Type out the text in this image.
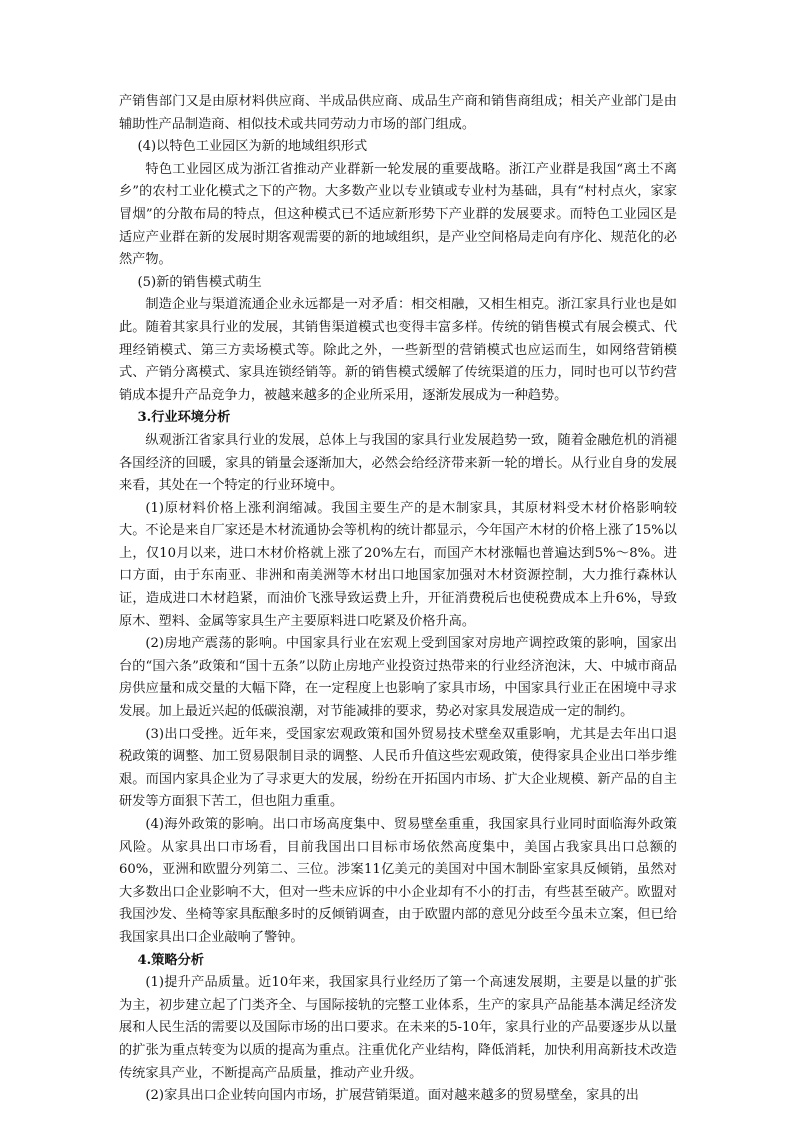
产销售部门又是由原材料供应商、半成品供应商、成品生产商和销售商组成；相关产业部门是由辅助性产品制造商、相似技术或共同劳动力市场的部门组成。

(4)以特色工业园区为新的地域组织形式

特色工业园区成为浙江省推动产业群新一轮发展的重要战略。浙江产业群是我国“离土不离乡”的农村工业化模式之下的产物。大多数产业以专业镇或专业村为基础，具有“村村点火，家家冒烟”的分散布局的特点，但这种模式已不适应新形势下产业群的发展要求。而特色工业园区是适应产业群在新的发展时期客观需要的新的地域组织，是产业空间格局走向有序化、规范化的必然产物。

(5)新的销售模式萌生

制造企业与渠道流通企业永远都是一对矛盾：相交相融，又相生相克。浙江家具行业也是如此。随着其家具行业的发展，其销售渠道模式也变得丰富多样。传统的销售模式有展会模式、代理经销模式、第三方卖场模式等。除此之外，一些新型的营销模式也应运而生，如网络营销模式、产销分离模式、家具连锁经销等。新的销售模式缓解了传统渠道的压力，同时也可以节约营销成本提升产品竞争力，被越来越多的企业所采用，逐渐发展成为一种趋势。

3.行业环境分析

纵观浙江省家具行业的发展，总体上与我国的家具行业发展趋势一致，随着金融危机的消褪各国经济的回暖，家具的销量会逐渐加大，必然会给经济带来新一轮的增长。从行业自身的发展来看，其处在一个特定的行业环境中。

(1)原材料价格上涨利润缩减。我国主要生产的是木制家具，其原材料受木材价格影响较大。不论是来自厂家还是木材流通协会等机构的统计都显示，今年国产木材的价格上涨了15%以上，仅10月以来，进口木材价格就上涨了20%左右，而国产木材涨幅也普遍达到5%～8%。进口方面，由于东南亚、非洲和南美洲等木材出口地国家加强对木材资源控制，大力推行森林认证，造成进口木材趋紧，而油价飞涨导致运费上升，开征消费税后也使税费成本上升6%，导致原木、塑料、金属等家具生产主要原料进口吃紧及价格升高。

(2)房地产震荡的影响。中国家具行业在宏观上受到国家对房地产调控政策的影响，国家出台的“国六条”政策和“国十五条”以防止房地产业投资过热带来的行业经济泡沫，大、中城市商品房供应量和成交量的大幅下降，在一定程度上也影响了家具市场，中国家具行业正在困境中寻求发展。加上最近兴起的低碳浪潮，对节能减排的要求，势必对家具发展造成一定的制约。

(3)出口受挫。近年来，受国家宏观政策和国外贸易技术壁垒双重影响，尤其是去年出口退税政策的调整、加工贸易限制目录的调整、人民币升值这些宏观政策，使得家具企业出口举步维艰。而国内家具企业为了寻求更大的发展，纷纷在开拓国内市场、扩大企业规模、新产品的自主研发等方面狠下苦工，但也阻力重重。

(4)海外政策的影响。出口市场高度集中、贸易壁垒重重，我国家具行业同时面临海外政策风险。从家具出口市场看，目前我国出口目标市场依然高度集中，美国占我家具出口总额的60%，亚洲和欧盟分列第二、三位。涉案11亿美元的美国对中国木制卧室家具反倾销，虽然对大多数出口企业影响不大，但对一些未应诉的中小企业却有不小的打击，有些甚至破产。欧盟对我国沙发、坐椅等家具酝酿多时的反倾销调查，由于欧盟内部的意见分歧至今虽未立案，但已给我国家具出口企业敲响了警钟。

4.策略分析

(1)提升产品质量。近10年来，我国家具行业经历了第一个高速发展期，主要是以量的扩张为主，初步建立起了门类齐全、与国际接轨的完整工业体系，生产的家具产品能基本满足经济发展和人民生活的需要以及国际市场的出口要求。在未来的5-10年，家具行业的产品要逐步从以量的扩张为重点转变为以质的提高为重点。注重优化产业结构，降低消耗，加快利用高新技术改造传统家具产业，不断提高产品质量，推动产业升级。

(2)家具出口企业转向国内市场，扩展营销渠道。面对越来越多的贸易壁垒，家具的出
